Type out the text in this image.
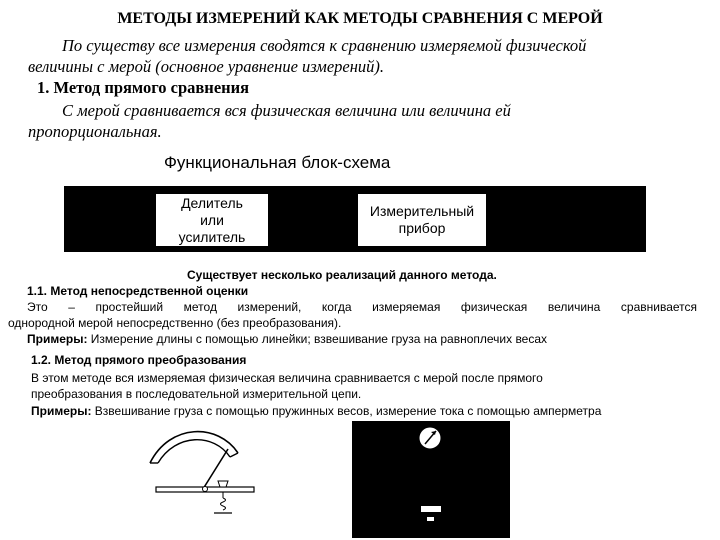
МЕТОДЫ ИЗМЕРЕНИЙ КАК МЕТОДЫ СРАВНЕНИЯ С МЕРОЙ
По существу все измерения сводятся к сравнению измеряемой физической
величины с мерой (основное уравнение измерений).
1. Метод прямого сравнения
С мерой сравнивается вся физическая величина или величина ей
пропорциональная.
Функциональная блок-схема
Делитель
или
усилитель
Измерительный
прибор
Существует несколько реализаций данного метода.
1.1. Метод непосредственной оценки
Это – простейший метод измерений, когда измеряемая физическая величина сравнивается
однородной мерой непосредственно (без преобразования).
Примеры: Измерение длины с помощью линейки; взвешивание груза на равноплечих весах
1.2. Метод прямого преобразования
В этом методе вся измеряемая физическая величина сравнивается с мерой после прямого
преобразования в последовательной измерительной цепи.
Примеры: Взвешивание груза с помощью пружинных весов, измерение тока с помощью амперметра
